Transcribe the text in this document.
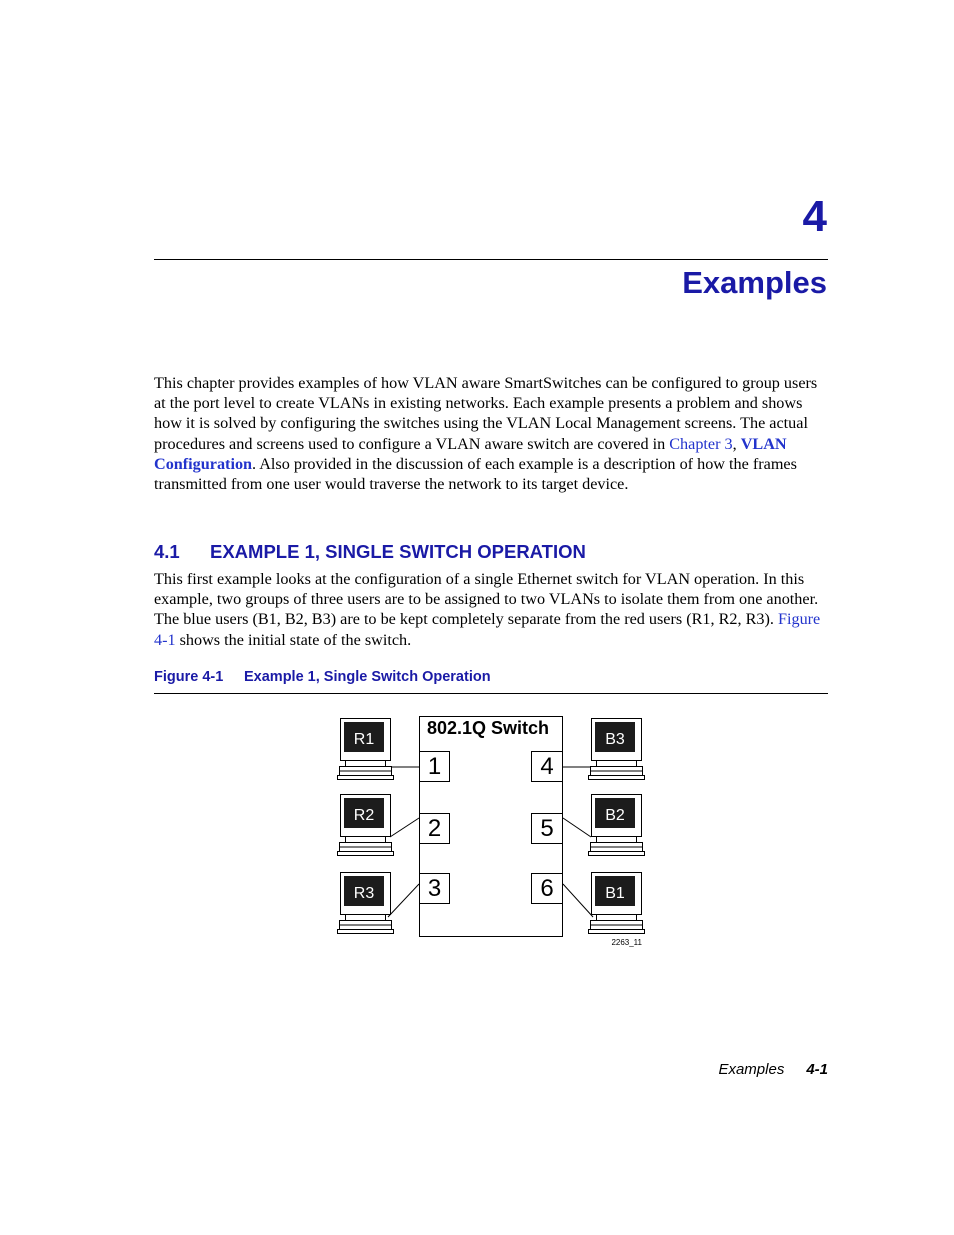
4
Examples

This chapter provides examples of how VLAN aware SmartSwitches can be configured to group users at the port level to create VLANs in existing networks. Each example presents a problem and shows how it is solved by configuring the switches using the VLAN Local Management screens. The actual procedures and screens used to configure a VLAN aware switch are covered in Chapter 3, VLAN Configuration. Also provided in the discussion of each example is a description of how the frames transmitted from one user would traverse the network to its target device.

4.1 EXAMPLE 1, SINGLE SWITCH OPERATION

This first example looks at the configuration of a single Ethernet switch for VLAN operation. In this example, two groups of three users are to be assigned to two VLANs to isolate them from one another. The blue users (B1, B2, B3) are to be kept completely separate from the red users (R1, R2, R3). Figure 4-1 shows the initial state of the switch.

Figure 4-1 Example 1, Single Switch Operation
802.1Q Switch
1
2
3
4
5
6
R1
R2
R3
B3
B2
B1
2263_11
Examples 4-1
